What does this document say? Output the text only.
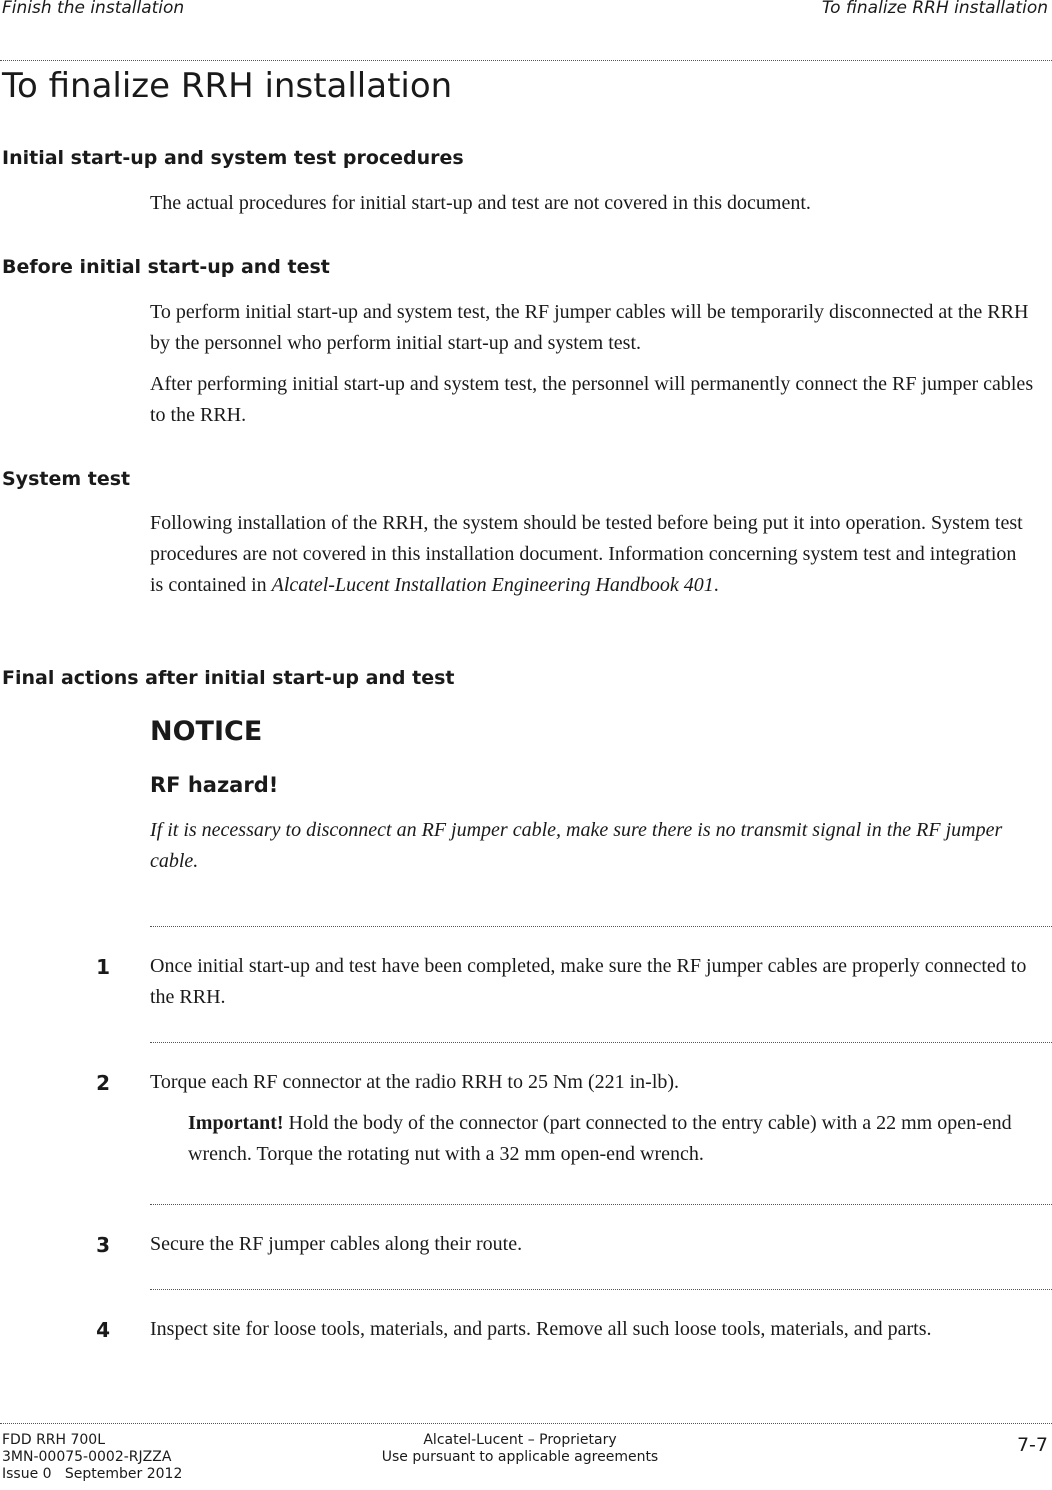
Finish the installation	To finalize RRH installation
To finalize RRH installation
Initial start-up and system test procedures

The actual procedures for initial start-up and test are not covered in this document.

Before initial start-up and test

To perform initial start-up and system test, the RF jumper cables will be temporarily disconnected at the RRH by the personnel who perform initial start-up and system test.

After performing initial start-up and system test, the personnel will permanently connect the RF jumper cables to the RRH.

System test

Following installation of the RRH, the system should be tested before being put it into operation. System test procedures are not covered in this installation document. Information concerning system test and integration is contained in Alcatel-Lucent Installation Engineering Handbook 401.

Final actions after initial start-up and test
NOTICE
RF hazard!

If it is necessary to disconnect an RF jumper cable, make sure there is no transmit signal in the RF jumper cable.

1 Once initial start-up and test have been completed, make sure the RF jumper cables are properly connected to the RRH.

2 Torque each RF connector at the radio RRH to 25 Nm (221 in-lb).

Important! Hold the body of the connector (part connected to the entry cable) with a 22 mm open-end wrench. Torque the rotating nut with a 32 mm open-end wrench.

3 Secure the RF jumper cables along their route.

4 Inspect site for loose tools, materials, and parts. Remove all such loose tools, materials, and parts.

FDD RRH 700L
3MN-00075-0002-RJZZA
Issue 0   September 2012
Alcatel-Lucent – Proprietary
Use pursuant to applicable agreements
7-7
